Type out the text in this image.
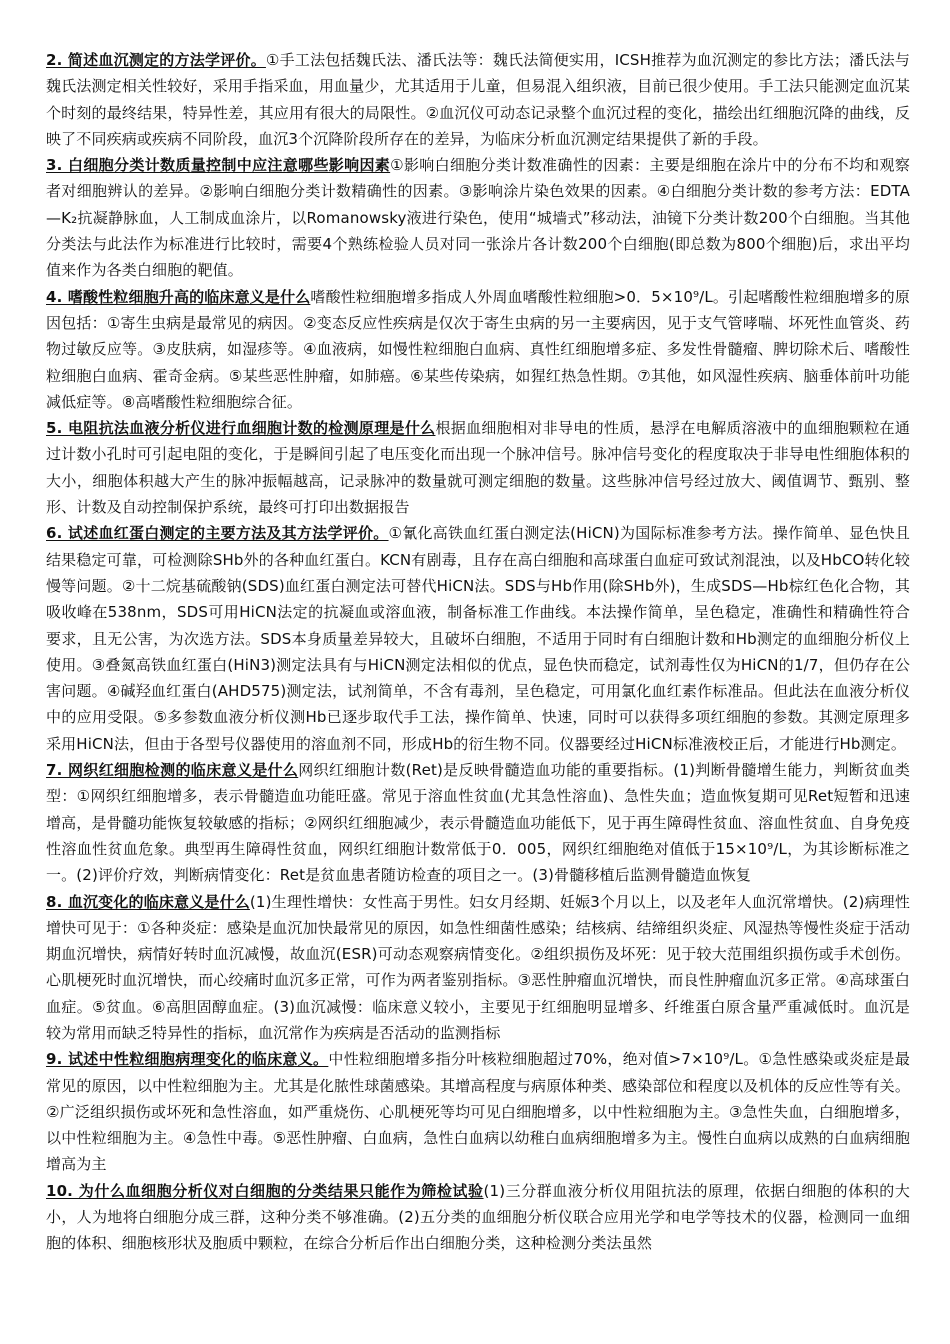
2. 简述血沉测定的方法学评价。①手工法包括魏氏法、潘氏法等：魏氏法简便实用，ICSH推荐为血沉测定的参比方法；潘氏法与魏氏法测定相关性较好，采用手指采血，用血量少，尤其适用于儿童，但易混入组织液，目前已很少使用。手工法只能测定血沉某个时刻的最终结果，特异性差，其应用有很大的局限性。②血沉仪可动态记录整个血沉过程的变化，描绘出红细胞沉降的曲线，反映了不同疾病或疾病不同阶段，血沉3个沉降阶段所存在的差异，为临床分析血沉测定结果提供了新的手段。

3. 白细胞分类计数质量控制中应注意哪些影响因素①影响白细胞分类计数准确性的因素：主要是细胞在涂片中的分布不均和观察者对细胞辨认的差异。②影响白细胞分类计数精确性的因素。③影响涂片染色效果的因素。④白细胞分类计数的参考方法：EDTA—K₂抗凝静脉血，人工制成血涂片，以Romanowsky液进行染色，使用“城墙式”移动法，油镜下分类计数200个白细胞。当其他分类法与此法作为标准进行比较时，需要4个熟练检验人员对同一张涂片各计数200个白细胞(即总数为800个细胞)后，求出平均值来作为各类白细胞的靶值。

4. 嗜酸性粒细胞升高的临床意义是什么嗜酸性粒细胞增多指成人外周血嗜酸性粒细胞>0．5×10⁹/L。引起嗜酸性粒细胞增多的原因包括：①寄生虫病是最常见的病因。②变态反应性疾病是仅次于寄生虫病的另一主要病因，见于支气管哮喘、坏死性血管炎、药物过敏反应等。③皮肤病，如湿疹等。④血液病，如慢性粒细胞白血病、真性红细胞增多症、多发性骨髓瘤、脾切除术后、嗜酸性粒细胞白血病、霍奇金病。⑤某些恶性肿瘤，如肺癌。⑥某些传染病，如猩红热急性期。⑦其他，如风湿性疾病、脑垂体前叶功能减低症等。⑧高嗜酸性粒细胞综合征。

5. 电阻抗法血液分析仪进行血细胞计数的检测原理是什么根据血细胞相对非导电的性质，悬浮在电解质溶液中的血细胞颗粒在通过计数小孔时可引起电阻的变化，于是瞬间引起了电压变化而出现一个脉冲信号。脉冲信号变化的程度取决于非导电性细胞体积的大小，细胞体积越大产生的脉冲振幅越高，记录脉冲的数量就可测定细胞的数量。这些脉冲信号经过放大、阈值调节、甄别、整形、计数及自动控制保护系统，最终可打印出数据报告

6. 试述血红蛋白测定的主要方法及其方法学评价。①氰化高铁血红蛋白测定法(HiCN)为国际标准参考方法。操作简单、显色快且结果稳定可靠，可检测除SHb外的各种血红蛋白。KCN有剧毒，且存在高白细胞和高球蛋白血症可致试剂混浊，以及HbCO转化较慢等问题。②十二烷基硫酸钠(SDS)血红蛋白测定法可替代HiCN法。SDS与Hb作用(除SHb外)，生成SDS—Hb棕红色化合物，其吸收峰在538nm，SDS可用HiCN法定的抗凝血或溶血液，制备标准工作曲线。本法操作简单，呈色稳定，准确性和精确性符合要求，且无公害，为次选方法。SDS本身质量差异较大，且破坏白细胞，不适用于同时有白细胞计数和Hb测定的血细胞分析仪上使用。③叠氮高铁血红蛋白(HiN3)测定法具有与HiCN测定法相似的优点，显色快而稳定，试剂毒性仅为HiCN的1/7，但仍存在公害问题。④碱羟血红蛋白(AHD575)测定法，试剂简单，不含有毒剂，呈色稳定，可用氯化血红素作标准品。但此法在血液分析仪中的应用受限。⑤多参数血液分析仪测Hb已逐步取代手工法，操作简单、快速，同时可以获得多项红细胞的参数。其测定原理多采用HiCN法，但由于各型号仪器使用的溶血剂不同，形成Hb的衍生物不同。仪器要经过HiCN标准液校正后，才能进行Hb测定。

7. 网织红细胞检测的临床意义是什么网织红细胞计数(Ret)是反映骨髓造血功能的重要指标。(1)判断骨髓增生能力，判断贫血类型：①网织红细胞增多，表示骨髓造血功能旺盛。常见于溶血性贫血(尤其急性溶血)、急性失血；造血恢复期可见Ret短暂和迅速增高，是骨髓功能恢复较敏感的指标；②网织红细胞减少，表示骨髓造血功能低下，见于再生障碍性贫血、溶血性贫血、自身免疫性溶血性贫血危象。典型再生障碍性贫血，网织红细胞计数常低于0．005，网织红细胞绝对值低于15×10⁹/L，为其诊断标准之一。(2)评价疗效，判断病情变化：Ret是贫血患者随访检查的项目之一。(3)骨髓移植后监测骨髓造血恢复

8. 血沉变化的临床意义是什么(1)生理性增快：女性高于男性。妇女月经期、妊娠3个月以上，以及老年人血沉常增快。(2)病理性增快可见于：①各种炎症：感染是血沉加快最常见的原因，如急性细菌性感染；结核病、结缔组织炎症、风湿热等慢性炎症于活动期血沉增快，病情好转时血沉减慢，故血沉(ESR)可动态观察病情变化。②组织损伤及坏死：见于较大范围组织损伤或手术创伤。心肌梗死时血沉增快，而心绞痛时血沉多正常，可作为两者鉴别指标。③恶性肿瘤血沉增快，而良性肿瘤血沉多正常。④高球蛋白血症。⑤贫血。⑥高胆固醇血症。(3)血沉减慢：临床意义较小，主要见于红细胞明显增多、纤维蛋白原含量严重减低时。血沉是较为常用而缺乏特异性的指标，血沉常作为疾病是否活动的监测指标

9. 试述中性粒细胞病理变化的临床意义。中性粒细胞增多指分叶核粒细胞超过70%，绝对值>7×10⁹/L。①急性感染或炎症是最常见的原因，以中性粒细胞为主。尤其是化脓性球菌感染。其增高程度与病原体种类、感染部位和程度以及机体的反应性等有关。②广泛组织损伤或坏死和急性溶血，如严重烧伤、心肌梗死等均可见白细胞增多，以中性粒细胞为主。③急性失血，白细胞增多，以中性粒细胞为主。④急性中毒。⑤恶性肿瘤、白血病，急性白血病以幼稚白血病细胞增多为主。慢性白血病以成熟的白血病细胞增高为主

10. 为什么血细胞分析仪对白细胞的分类结果只能作为筛检试验(1)三分群血液分析仪用阻抗法的原理，依据白细胞的体积的大小，人为地将白细胞分成三群，这种分类不够准确。(2)五分类的血细胞分析仪联合应用光学和电学等技术的仪器，检测同一血细胞的体积、细胞核形状及胞质中颗粒，在综合分析后作出白细胞分类，这种检测分类法虽然
